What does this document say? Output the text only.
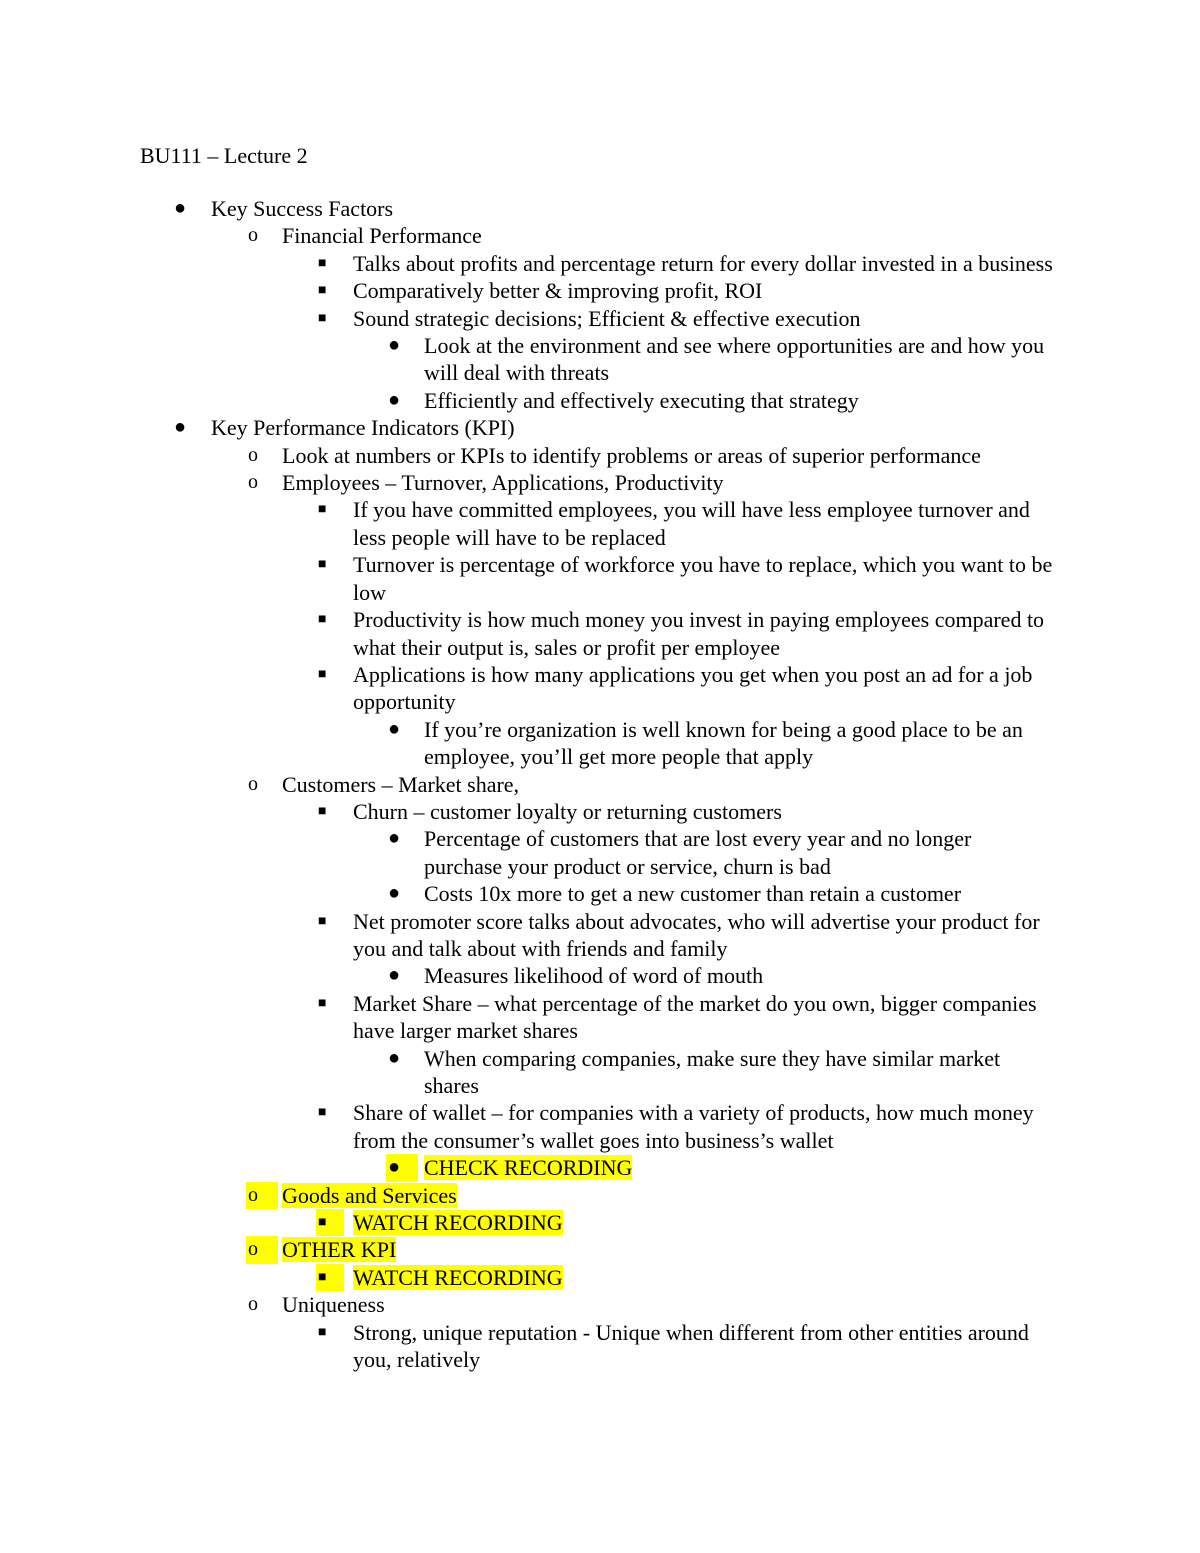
BU111 – Lecture 2
● Key Success Factors
o Financial Performance
■	Talks about profits and percentage return for every dollar invested in a business
■	Comparatively better & improving profit, ROI
■	Sound strategic decisions; Efficient & effective execution
● Look at the environment and see where opportunities are and how you will deal with threats
● Efficiently and effectively executing that strategy
● Key Performance Indicators (KPI)
o Look at numbers or KPIs to identify problems or areas of superior performance
o Employees – Turnover, Applications, Productivity
■	If you have committed employees, you will have less employee turnover and less people will have to be replaced
■	Turnover is percentage of workforce you have to replace, which you want to be low
■	Productivity is how much money you invest in paying employees compared to what their output is, sales or profit per employee
■	Applications is how many applications you get when you post an ad for a job opportunity
● If you’re organization is well known for being a good place to be an employee, you’ll get more people that apply
o Customers – Market share,
■	Churn – customer loyalty or returning customers
● Percentage of customers that are lost every year and no longer purchase your product or service, churn is bad
● Costs 10x more to get a new customer than retain a customer
■	Net promoter score talks about advocates, who will advertise your product for you and talk about with friends and family
● Measures likelihood of word of mouth
■	Market Share – what percentage of the market do you own, bigger companies have larger market shares
● When comparing companies, make sure they have similar market shares
■	Share of wallet – for companies with a variety of products, how much money from the consumer’s wallet goes into business’s wallet
●	CHECK RECORDING
o	Goods and Services
■	WATCH RECORDING
o	OTHER KPI
■	WATCH RECORDING
o Uniqueness
■	Strong, unique reputation - Unique when different from other entities around you, relatively
